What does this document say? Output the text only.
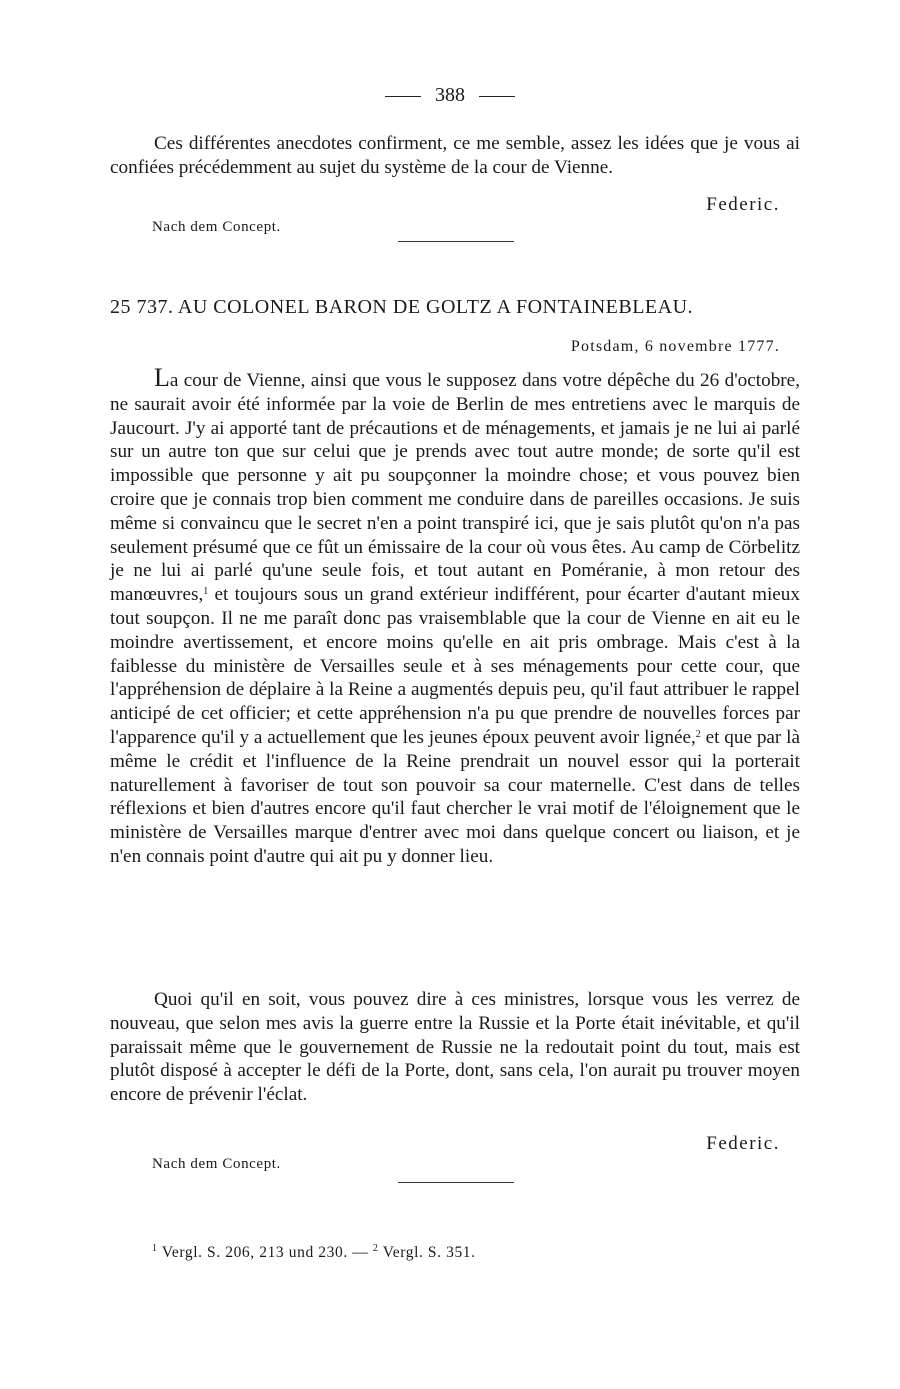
388

Ces différentes anecdotes confirment, ce me semble, assez les idées que je vous ai confiées précédemment au sujet du système de la cour de Vienne.

Federic.
Nach dem Concept.
25 737. AU COLONEL BARON DE GOLTZ A FONTAINEBLEAU.
Potsdam, 6 novembre 1777.

La cour de Vienne, ainsi que vous le supposez dans votre dépêche du 26 d'octobre, ne saurait avoir été informée par la voie de Berlin de mes entretiens avec le marquis de Jaucourt. J'y ai apporté tant de précautions et de ménagements, et jamais je ne lui ai parlé sur un autre ton que sur celui que je prends avec tout autre monde; de sorte qu'il est impossible que personne y ait pu soupçonner la moindre chose; et vous pouvez bien croire que je connais trop bien comment me conduire dans de pareilles occasions. Je suis même si convaincu que le secret n'en a point transpiré ici, que je sais plutôt qu'on n'a pas seulement présumé que ce fût un émissaire de la cour où vous êtes. Au camp de Cörbelitz je ne lui ai parlé qu'une seule fois, et tout autant en Poméranie, à mon retour des manœuvres,$^1$ et toujours sous un grand extérieur indifférent, pour écarter d'autant mieux tout soupçon. Il ne me paraît donc pas vraisemblable que la cour de Vienne en ait eu le moindre avertissement, et encore moins qu'elle en ait pris ombrage. Mais c'est à la faiblesse du ministère de Versailles seule et à ses ménagements pour cette cour, que l'appréhension de déplaire à la Reine a augmentés depuis peu, qu'il faut attribuer le rappel anticipé de cet officier; et cette appréhension n'a pu que prendre de nouvelles forces par l'apparence qu'il y a actuellement que les jeunes époux peuvent avoir lignée,$^2$ et que par là même le crédit et l'influence de la Reine prendrait un nouvel essor qui la porterait naturellement à favoriser de tout son pouvoir sa cour maternelle. C'est dans de telles réflexions et bien d'autres encore qu'il faut chercher le vrai motif de l'éloignement que le ministère de Versailles marque d'entrer avec moi dans quelque concert ou liaison, et je n'en connais point d'autre qui ait pu y donner lieu.

Quoi qu'il en soit, vous pouvez dire à ces ministres, lorsque vous les verrez de nouveau, que selon mes avis la guerre entre la Russie et la Porte était inévitable, et qu'il paraissait même que le gouvernement de Russie ne la redoutait point du tout, mais est plutôt disposé à accepter le défi de la Porte, dont, sans cela, l'on aurait pu trouver moyen encore de prévenir l'éclat.

Federic.
Nach dem Concept.
$^1$ Vergl. S. 206, 213 und 230. — $^2$ Vergl. S. 351.
